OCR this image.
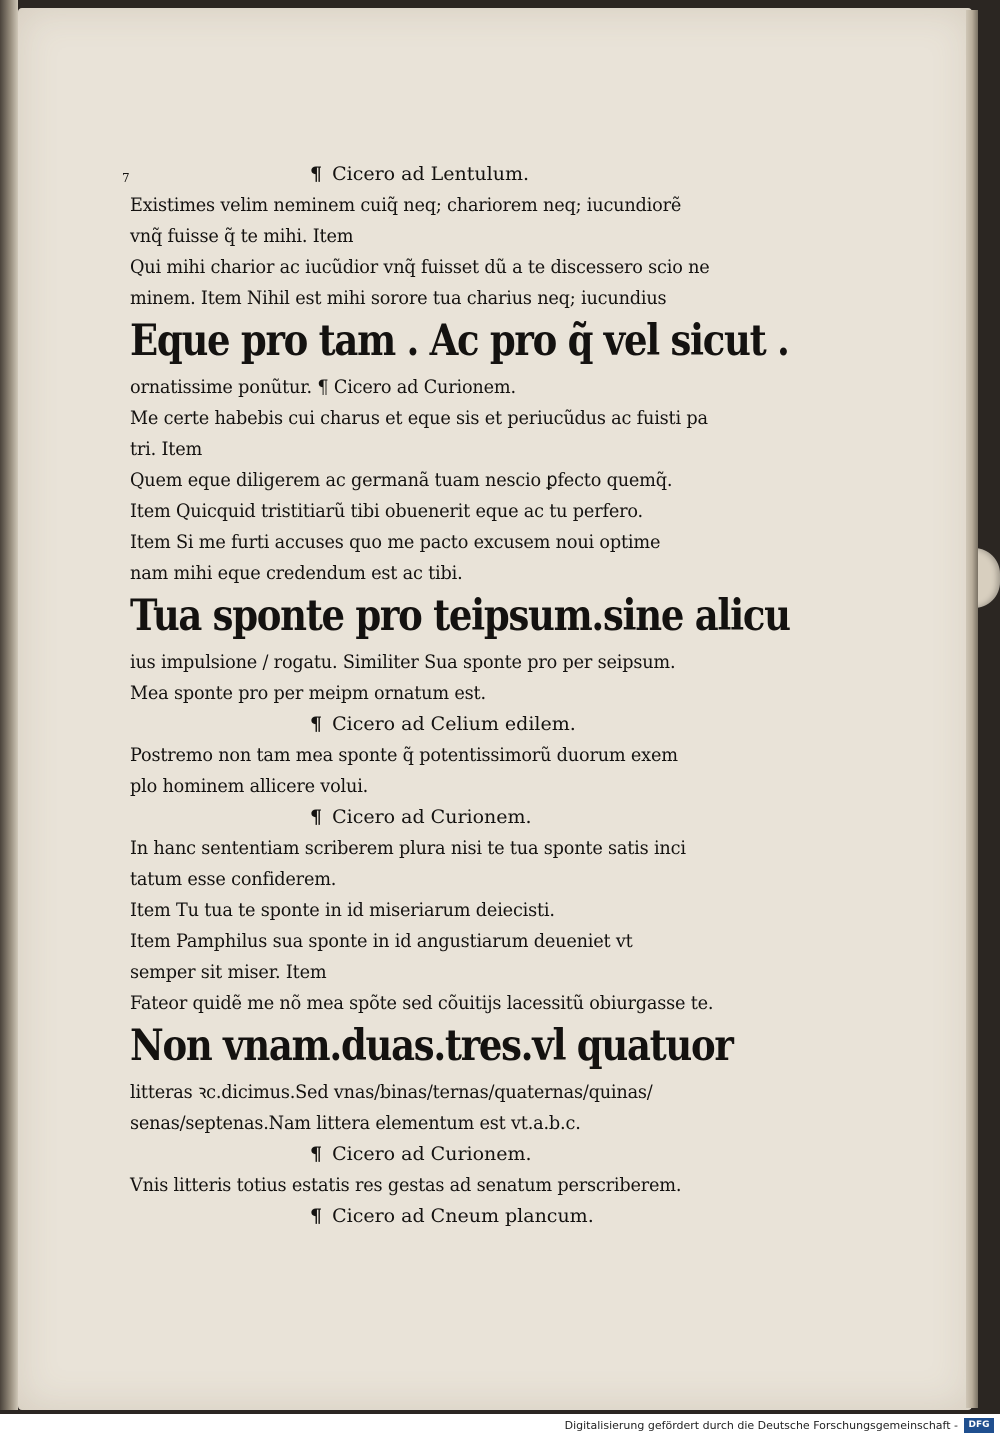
7	¶ Cicero ad Lentulum.
Existimes velim neminem cuiq̃ neq; chariorem neq; iucundiorẽ
vnq̃ fuisse q̃ te mihi. Item
Qui mihi charior ac iucũdior vnq̃ fuisset dũ a te discessero scio ne
minem. Item Nihil est mihi sorore tua charius neq; iucundius
Eque pro tam . Ac pro q̃ vel sicut .
ornatissime ponũtur. ¶ Cicero ad Curionem.
Me certe habebis cui charus et eque sis et periucũdus ac fuisti pa
tri. Item
Quem eque diligerem ac germanã tuam nescio ꝑfecto quemq̃.
Item Quicquid tristitiarũ tibi obuenerit eque ac tu perfero.
Item Si me furti accuses quo me pacto excusem noui optime
nam mihi eque credendum est ac tibi.
Tua sponte pro teipsum.sine alicu
ius impulsione / rogatu. Similiter Sua sponte pro per seipsum.
Mea sponte pro per meipm ornatum est.
¶ Cicero ad Celium edilem.
Postremo non tam mea sponte q̃ potentissimorũ duorum exem
plo hominem allicere volui.
¶ Cicero ad Curionem.
In hanc sententiam scriberem plura nisi te tua sponte satis inci
tatum esse confiderem.
Item Tu tua te sponte in id miseriarum deiecisti.
Item Pamphilus sua sponte in id angustiarum deueniet vt
semper sit miser. Item
Fateor quidẽ me nõ mea spõte sed cõuitijs lacessitũ obiurgasse te.
Non vnam.duas.tres.vl quatuor
litteras ꝛc.dicimus.Sed vnas/binas/ternas/quaternas/quinas/
senas/septenas.Nam littera elementum est vt.a.b.c.
¶ Cicero ad Curionem.
Vnis litteris totius estatis res gestas ad senatum perscriberem.
¶ Cicero ad Cneum plancum.
Digitalisierung gefördert durch die Deutsche Forschungsgemeinschaft -	DFG
